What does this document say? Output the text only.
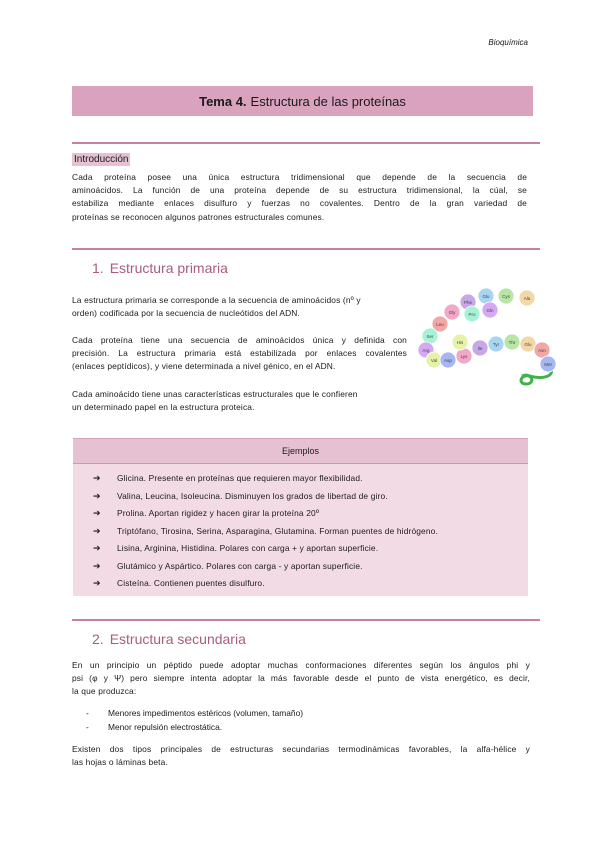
Bioquímica
Tema 4. Estructura de las proteínas
Introducción
Cada proteína posee una única estructura tridimensional que depende de la secuencia de
aminoácidos. La función de una proteína depende de su estructura tridimensional, la cúal, se
estabiliza mediante enlaces disulfuro y fuerzas no covalentes. Dentro de la gran variedad de
proteínas se reconocen algunos patrones estructurales comunes.
1. Estructura primaria
La estructura primaria se corresponde a la secuencia de aminoácidos (nº y
orden) codificada por la secuencia de nucleótidos del ADN.
Cada proteína tiene una secuencia de aminoácidos única y definida con
precisión. La estructura primaria está estabilizada por enlaces covalentes
(enlaces peptídicos), y viene determinada a nivel génico, en el ADN.
Cada aminoácido tiene unas características estructurales que le confieren
un determinado papel en la estructura proteica.
Gly
Phe
Glu	Cys	Ala
Leu
Ser
Arg
Val Asp
Lys
Ile
Tyr Thr Glu
Asn
Pro
Gln
His
Met
Ejemplos
➔	Glicina. Presente en proteínas que requieren mayor flexibilidad.
➔	Valina, Leucina, Isoleucina. Disminuyen los grados de libertad de giro.
➔	Prolina. Aportan rigidez y hacen girar la proteína 20º
➔	Triptófano, Tirosina, Serina, Asparagina, Glutamina. Forman puentes de hidrógeno.
➔	Lisina, Arginina, Histidina. Polares con carga + y aportan superficie.
➔	Glutámico y Aspártico. Polares con carga - y aportan superficie.
➔	Cisteína. Contienen puentes disulfuro.
2. Estructura secundaria
En un principio un péptido puede adoptar muchas conformaciones diferentes según los ángulos phi y
psi (φ y Ψ) pero siempre intenta adoptar la más favorable desde el punto de vista energético, es decir,
la que produzca:
-	Menores impedimentos estéricos (volumen, tamaño)
-	Menor repulsión electrostática.
Existen dos tipos principales de estructuras secundarias termodinámicas favorables, la alfa-hélice y
las hojas o láminas beta.
